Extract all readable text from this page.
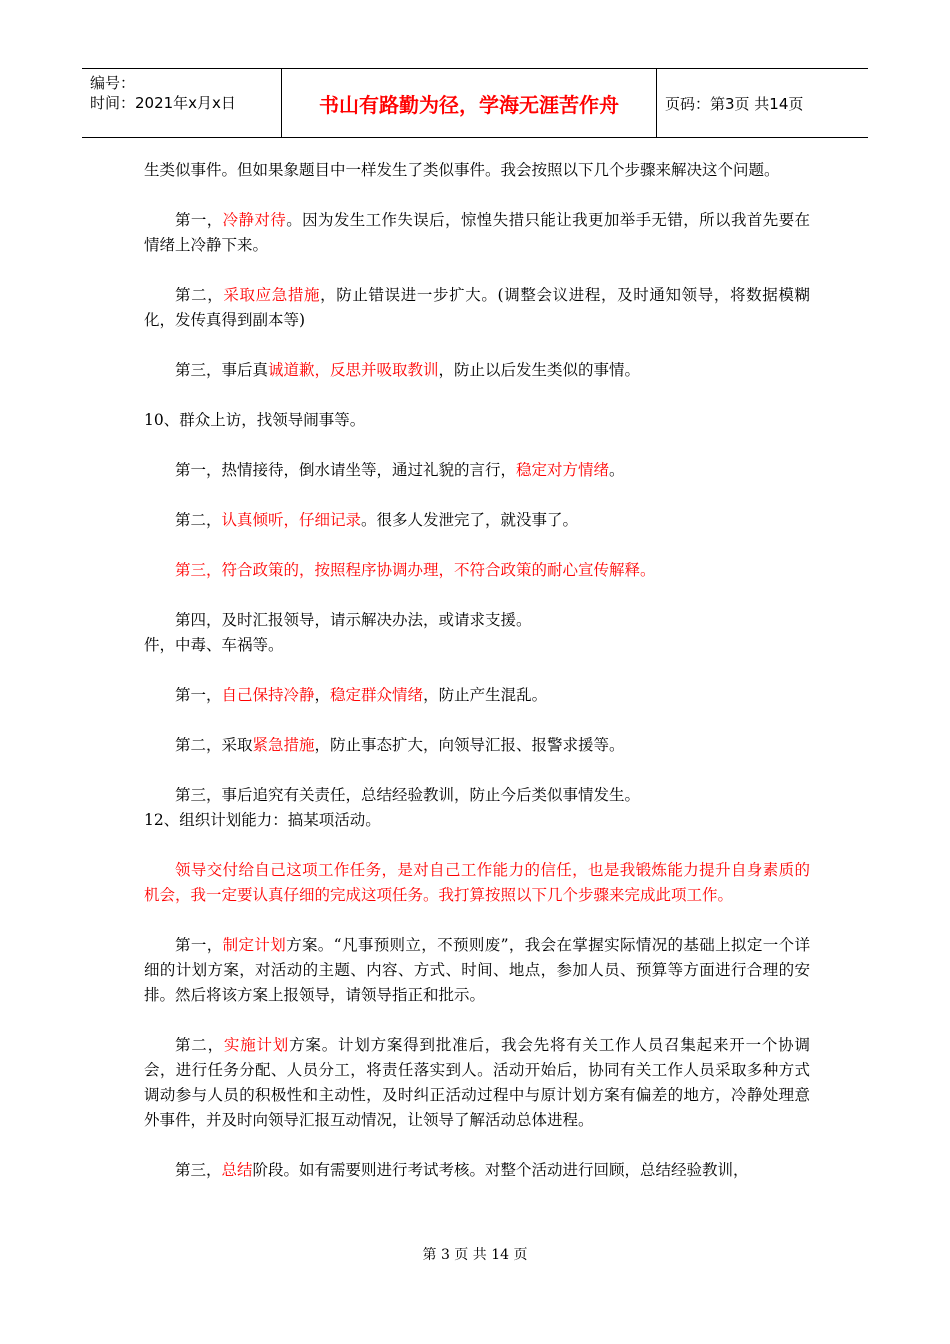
编号：
时间：2021年x月x日	书山有路勤为径，学海无涯苦作舟	页码：第3页 共14页

生类似事件。但如果象题目中一样发生了类似事件。我会按照以下几个步骤来解决这个问题。

第一，冷静对待。因为发生工作失误后，惊惶失措只能让我更加举手无错，所以我首先要在情绪上冷静下来。

第二，采取应急措施，防止错误进一步扩大。(调整会议进程，及时通知领导，将数据模糊化，发传真得到副本等)

第三，事后真诚道歉，反思并吸取教训，防止以后发生类似的事情。

10、群众上访，找领导闹事等。

第一，热情接待，倒水请坐等，通过礼貌的言行，稳定对方情绪。

第二，认真倾听，仔细记录。很多人发泄完了，就没事了。

第三，符合政策的，按照程序协调办理，不符合政策的耐心宣传解释。

第四，及时汇报领导，请示解决办法，或请求支援。

件，中毒、车祸等。

第一，自己保持冷静，稳定群众情绪，防止产生混乱。

第二，采取紧急措施，防止事态扩大，向领导汇报、报警求援等。

第三，事后追究有关责任，总结经验教训，防止今后类似事情发生。

12、组织计划能力：搞某项活动。

领导交付给自己这项工作任务，是对自己工作能力的信任，也是我锻炼能力提升自身素质的机会，我一定要认真仔细的完成这项任务。我打算按照以下几个步骤来完成此项工作。

第一，制定计划方案。“凡事预则立，不预则废”，我会在掌握实际情况的基础上拟定一个详细的计划方案，对活动的主题、内容、方式、时间、地点，参加人员、预算等方面进行合理的安排。然后将该方案上报领导，请领导指正和批示。

第二，实施计划方案。计划方案得到批准后，我会先将有关工作人员召集起来开一个协调会，进行任务分配、人员分工，将责任落实到人。活动开始后，协同有关工作人员采取多种方式调动参与人员的积极性和主动性，及时纠正活动过程中与原计划方案有偏差的地方，冷静处理意外事件，并及时向领导汇报互动情况，让领导了解活动总体进程。

第三，总结阶段。如有需要则进行考试考核。对整个活动进行回顾，总结经验教训，

第 3 页 共 14 页
